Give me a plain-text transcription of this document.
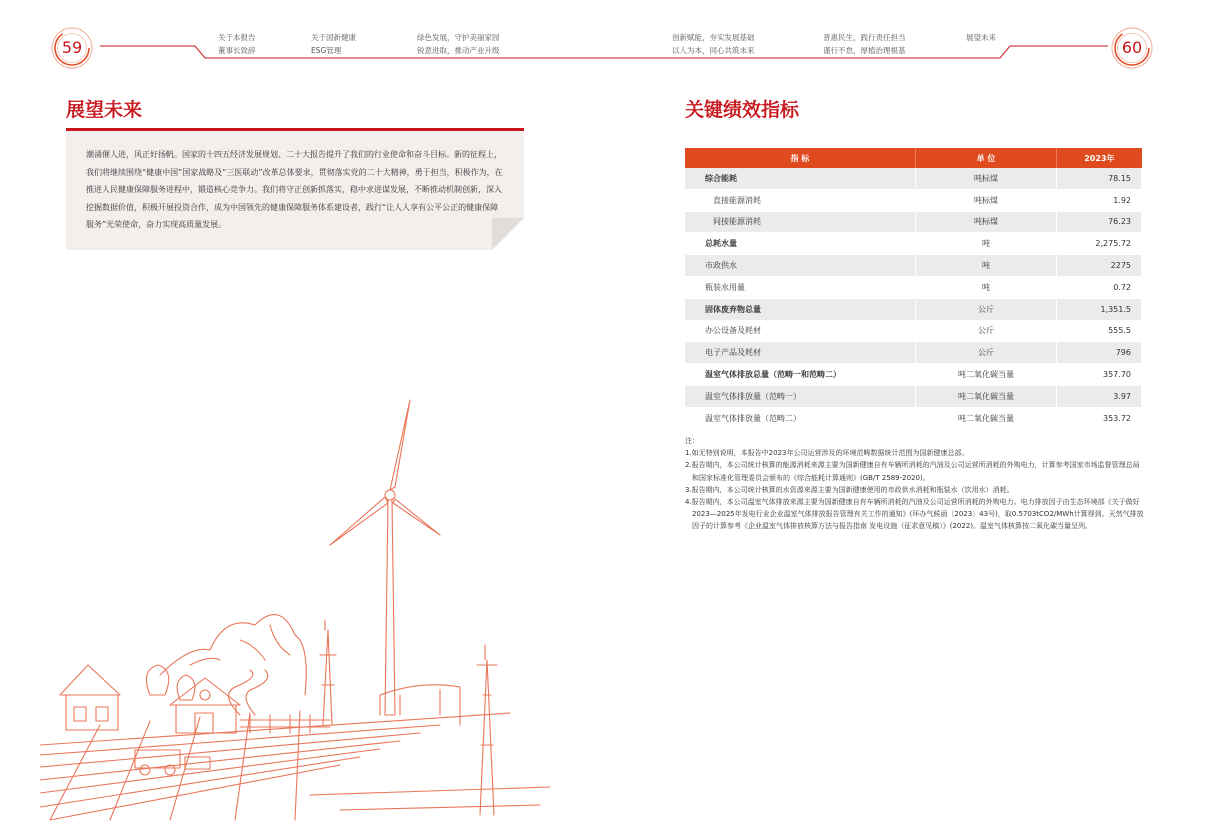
59	60
关于本报告
董事长致辞
关于国新健康
ESG管理
绿色发展，守护美丽家园
锐意进取，推动产业升级
创新赋能，夯实发展基础
以人为本，同心共筑未来
普惠民生，践行责任担当
谨行不怠，厚植治理根基
展望未来
展望未来

潮涌催人进，风正好扬帆。国家的十四五经济发展规划、二十大报告提升了我们的行业使命和奋斗目标。新的征程上，我们将继续围绕“健康中国”国家战略及“三医联动”改革总体要求，贯彻落实党的二十大精神，勇于担当，积极作为，在推进人民健康保障服务进程中，锻造核心竞争力。我们将守正创新抓落实，稳中求进谋发展，不断推动机制创新，深入挖掘数据价值，积极开展投资合作，成为中国领先的健康保障服务体系建设者，践行“让人人享有公平公正的健康保障服务”光荣使命，奋力实现高质量发展。

关键绩效指标
指 标	单 位	2023年
综合能耗	吨标煤	78.15
直接能源消耗	吨标煤	1.92
间接能源消耗	吨标煤	76.23
总耗水量	吨	2,275.72
市政供水	吨	2275
瓶装水用量	吨	0.72
固体废弃物总量	公斤	1,351.5
办公设备及耗材	公斤	555.5
电子产品及耗材	公斤	796
温室气体排放总量（范畴一和范畴二）	吨二氧化碳当量	357.70
温室气体排放量（范畴一）	吨二氧化碳当量	3.97
温室气体排放量（范畴二）	吨二氧化碳当量	353.72
注：
1.如无特别说明，本报告中2023年公司运营涉及的环境范畴数据统计范围为国新健康总部。
2.报告期内，本公司统计核算的能源消耗来源主要为国新健康自有车辆所消耗的汽油及公司运营所消耗的外购电力，计算参考国家市场监督管理总局和国家标准化管理委员会颁布的《综合能耗计算通则》(GB/T 2589-2020)。
3.报告期内，本公司统计核算的水资源来源主要为国新健康使用的市政供水消耗和瓶装水（饮用水）消耗。
4.报告期内，本公司温室气体排放来源主要为国新健康自有车辆所消耗的汽油及公司运营所消耗的外购电力。电力排放因子由生态环境部《关于做好2023—2025年发电行业企业温室气体排放报告管理有关工作的通知》(环办气候函〔2023〕43号)，取0.5703tCO2/MWh计算得到。天然气排放因子的计算参考《企业温室气体排放核算方法与报告指南 发电设施（征求意见稿）》(2022)。温室气体核算按二氧化碳当量呈列。
